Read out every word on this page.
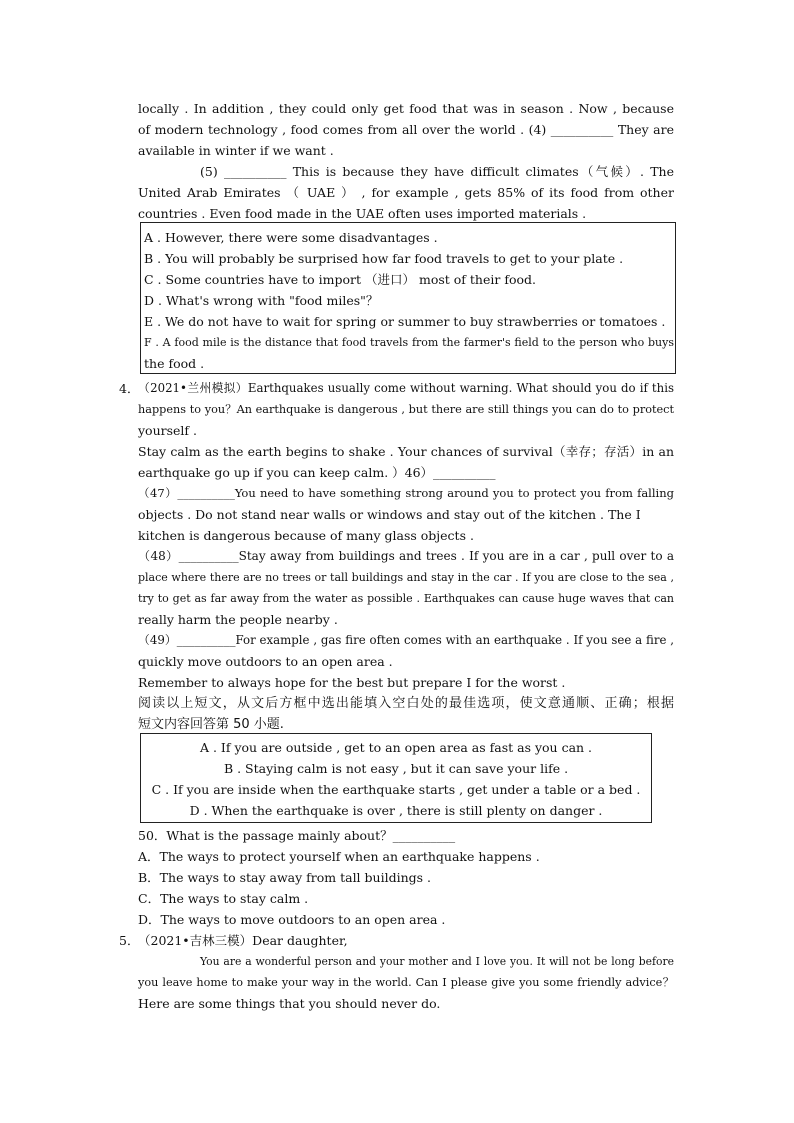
locally . In addition , they could only get food that was in season . Now , because
of modern technology , food comes from all over the world . (4) __________ They are
available in winter if we want .
(5) __________ This is because they have difficult climates（气候）. The
United Arab Emirates （ UAE ） , for example , gets 85% of its food from other
countries . Even food made in the UAE often uses imported materials .
A . However, there were some disadvantages .
B . You will probably be surprised how far food travels to get to your plate .
C . Some countries have to import （进口） most of their food.
D . What's wrong with "food miles"？
E . We do not have to wait for spring or summer to buy strawberries or tomatoes .
F . A food mile is the distance that food travels from the farmer's field to the person who buys
the food .
4．
（2021•兰州模拟）Earthquakes usually come without warning. What should you do if this
happens to you？An earthquake is dangerous , but there are still things you can do to protect
yourself .
Stay calm as the earth begins to shake . Your chances of survival（幸存；存活）in an
earthquake go up if you can keep calm. ）46）__________
（47）__________You need to have something strong around you to protect you from falling
objects . Do not stand near walls or windows and stay out of the kitchen . The I
kitchen is dangerous because of many glass objects .
（48）__________Stay away from buildings and trees . If you are in a car , pull over to a
place where there are no trees or tall buildings and stay in the car . If you are close to the sea ,
try to get as far away from the water as possible . Earthquakes can cause huge waves that can
really harm the people nearby .
（49）__________For example , gas fire often comes with an earthquake . If you see a fire ,
quickly move outdoors to an open area .
Remember to always hope for the best but prepare I for the worst .
阅读以上短文，从文后方框中选出能填入空白处的最佳选项，使文意通顺、正确；根据
短文内容回答第 50 小题.
A . If you are outside , get to an open area as fast as you can .
B . Staying calm is not easy , but it can save your life .
C . If you are inside when the earthquake starts , get under a table or a bed .
D . When the earthquake is over , there is still plenty on danger .
50．What is the passage mainly about？__________
A．The ways to protect yourself when an earthquake happens .
B．The ways to stay away from tall buildings .
C．The ways to stay calm .
D．The ways to move outdoors to an open area .
5．
（2021•吉林三模）Dear daughter,
You are a wonderful person and your mother and I love you. It will not be long before
you leave home to make your way in the world. Can I please give you some friendly advice？
Here are some things that you should never do.
